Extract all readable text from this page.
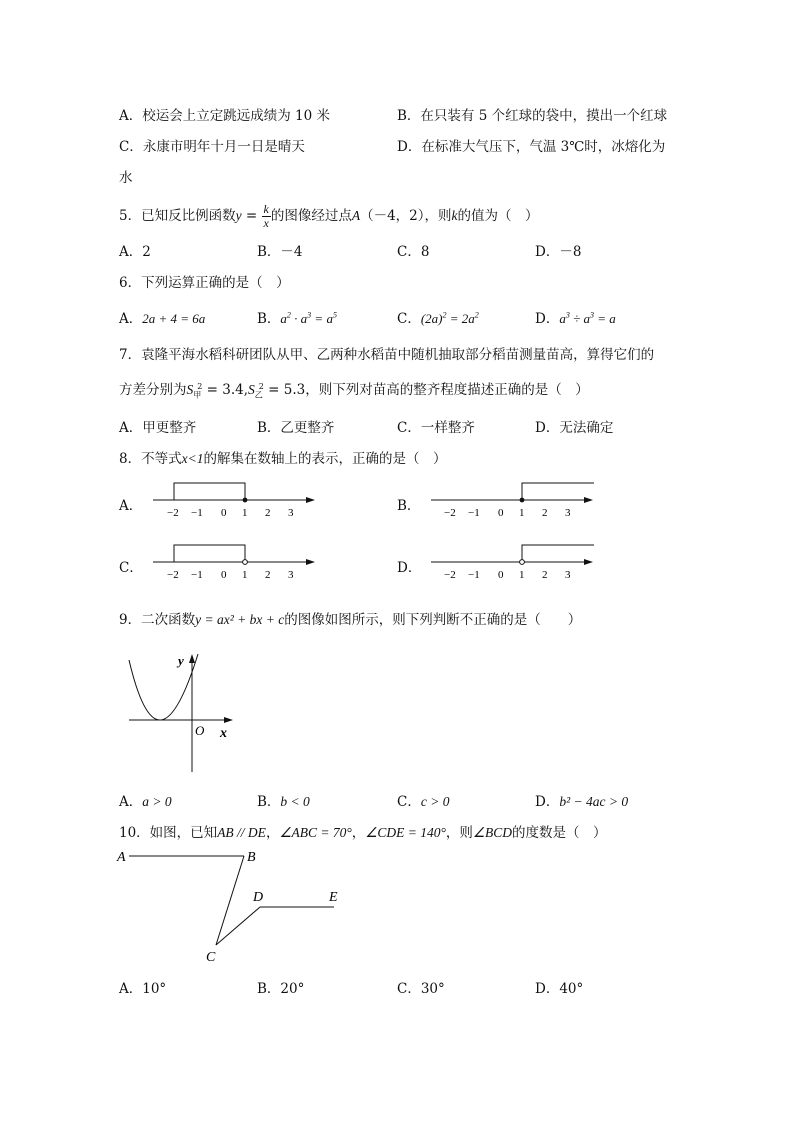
A．校运会上立定跳远成绩为 10 米	B．在只装有 5 个红球的袋中，摸出一个红球
C．永康市明年十月一日是晴天	D．在标准大气压下，气温 3℃时，冰熔化为
水
5．已知反比例函数$y = \frac{k}{x}$ 的图像经过点A（－4，2），则k的值为（　）
A．2	B．－4	C．8	D．－8
6．下列运算正确的是（　）
A．2a + 4 = 6a	B．$a^2 \cdot a^3 = a^5$	C．$(2a)^2 = 2a^2$	D．$a^3 \div a^3 = a$
7．袁隆平海水稻科研团队从甲、乙两种水稻苗中随机抽取部分稻苗测量苗高，算得它们的
方差分别为$S_甲^2 = 3.4,S_乙^2 = 5.3$，则下列对苗高的整齐程度描述正确的是（　）
A．甲更整齐	B．乙更整齐	C．一样整齐	D．无法确定
8．不等式x<1的解集在数轴上的表示，正确的是（　）
A．	B．
C．	D．
−2 −1 0 1 2 3	−2 −1 0 1 2 3
−2 −1 0 1 2 3	−2 −1 0 1 2 3
9．二次函数y = ax² + bx + c的图像如图所示，则下列判断不正确的是（　　）
y
x
O
A．a > 0	B．b < 0	C．c > 0	D．b² − 4ac > 0
10．如图，已知AB // DE，∠ABC = 70°，∠CDE = 140°，则∠BCD的度数是（　）
A	B
C
D	E
A．10°	B．20°	C．30°	D．40°
